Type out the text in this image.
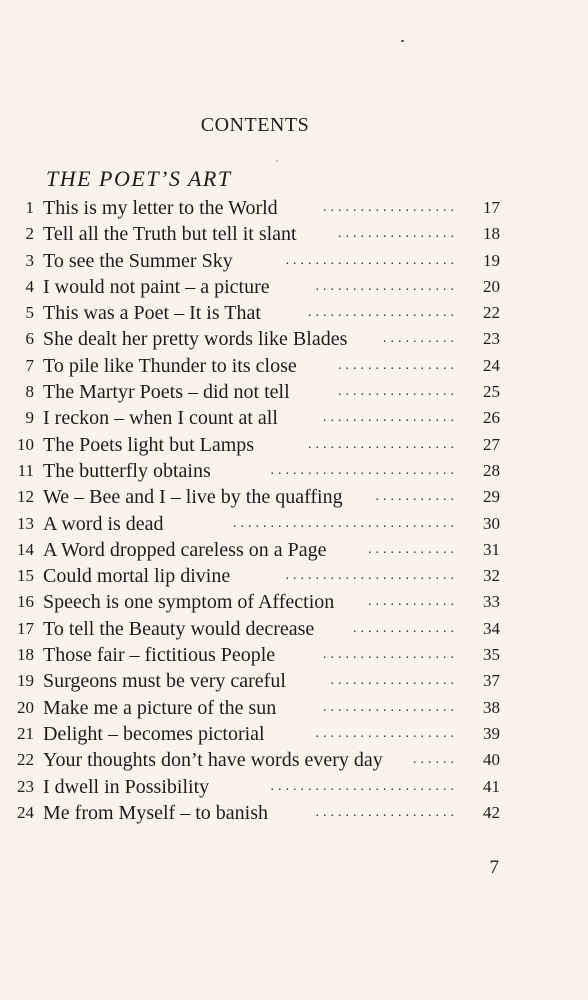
CONTENTS
THE POET’S ART
1 This is my letter to the World	..................	17
2 Tell all the Truth but tell it slant	................	18
3 To see the Summer Sky	.......................	19
4 I would not paint – a picture	...................	20
5 This was a Poet – It is That	....................	22
6 She dealt her pretty words like Blades	..........	23
7 To pile like Thunder to its close	................	24
8 The Martyr Poets – did not tell	................	25
9 I reckon – when I count at all	..................	26
10 The Poets light but Lamps	....................	27
11 The butterfly obtains	.........................	28
12 We – Bee and I – live by the quaffing ...........	29
13 A word is dead	..............................	30
14 A Word dropped careless on a Page	............	31
15 Could mortal lip divine	.......................	32
16 Speech is one symptom of Affection ............	33
17 To tell the Beauty would decrease	..............	34
18 Those fair – fictitious People	..................	35
19 Surgeons must be very careful	.................	37
20 Make me a picture of the sun	..................	38
21 Delight – becomes pictorial	...................	39
22 Your thoughts don’t have words every day ......	40
23 I dwell in Possibility	.........................	41
24 Me from Myself – to banish	...................	42
7
